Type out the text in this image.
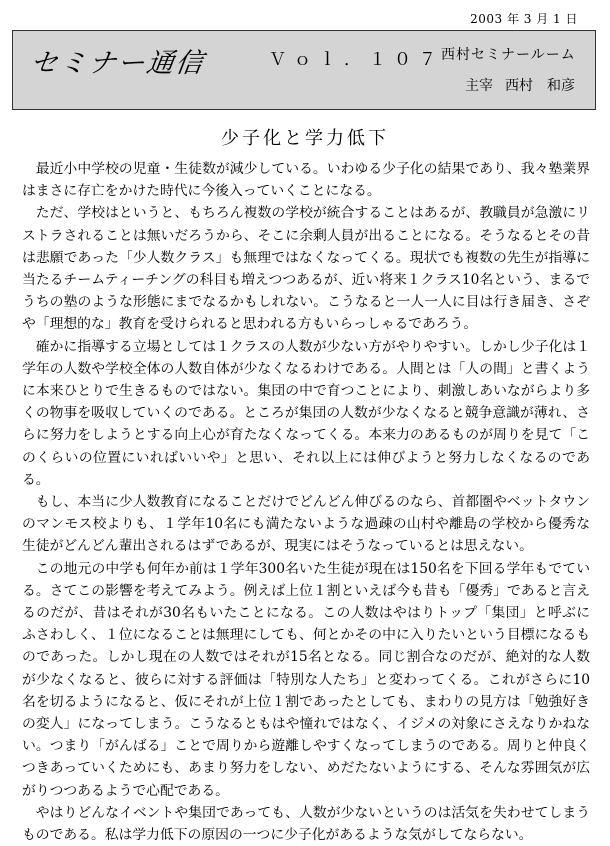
2003 年 3 月 1 日
セミナー通信	Ｖｏｌ．１０７
西村セミナールーム
主宰 西村　和彦
少子化と学力低下

最近小中学校の児童・生徒数が減少している。いわゆる少子化の結果であり、我々塾業界はまさに存亡をかけた時代に今後入っていくことになる。

ただ、学校はというと、もちろん複数の学校が統合することはあるが、教職員が急激にリストラされることは無いだろうから、そこに余剰人員が出ることになる。そうなるとその昔は悲願であった「少人数クラス」も無理ではなくなってくる。現状でも複数の先生が指導に当たるチームティーチングの科目も増えつつあるが、近い将来１クラス10名という、まるでうちの塾のような形態にまでなるかもしれない。こうなると一人一人に目は行き届き、さぞや「理想的な」教育を受けられると思われる方もいらっしゃるであろう。

確かに指導する立場としては１クラスの人数が少ない方がやりやすい。しかし少子化は１学年の人数や学校全体の人数自体が少なくなるわけである。人間とは「人の間」と書くように本来ひとりで生きるものではない。集団の中で育つことにより、刺激しあいながらより多くの物事を吸収していくのである。ところが集団の人数が少なくなると競争意識が薄れ、さらに努力をしようとする向上心が育たなくなってくる。本来力のあるものが周りを見て「このくらいの位置にいればいいや」と思い、それ以上には伸びようと努力しなくなるのである。

もし、本当に少人数教育になることだけでどんどん伸びるのなら、首都圏やベットタウンのマンモス校よりも、１学年10名にも満たないような過疎の山村や離島の学校から優秀な生徒がどんどん輩出されるはずであるが、現実にはそうなっているとは思えない。

この地元の中学も何年か前は１学年300名いた生徒が現在は150名を下回る学年もでている。さてこの影響を考えてみよう。例えば上位１割といえば今も昔も「優秀」であると言えるのだが、昔はそれが30名もいたことになる。この人数はやはりトップ「集団」と呼ぶにふさわしく、１位になることは無理にしても、何とかその中に入りたいという目標になるものであった。しかし現在の人数ではそれが15名となる。同じ割合なのだが、絶対的な人数が少なくなると、彼らに対する評価は「特別な人たち」と変わってくる。これがさらに10名を切るようになると、仮にそれが上位１割であったとしても、まわりの見方は「勉強好きの変人」になってしまう。こうなるともはや憧れではなく、イジメの対象にさえなりかねない。つまり「がんばる」ことで周りから遊離しやすくなってしまうのである。周りと仲良くつきあっていくためにも、あまり努力をしない、めだたないようにする、そんな雰囲気が広がりつつあるようで心配である。

やはりどんなイベントや集団であっても、人数が少ないというのは活気を失わせてしまうものである。私は学力低下の原因の一つに少子化があるような気がしてならない。
